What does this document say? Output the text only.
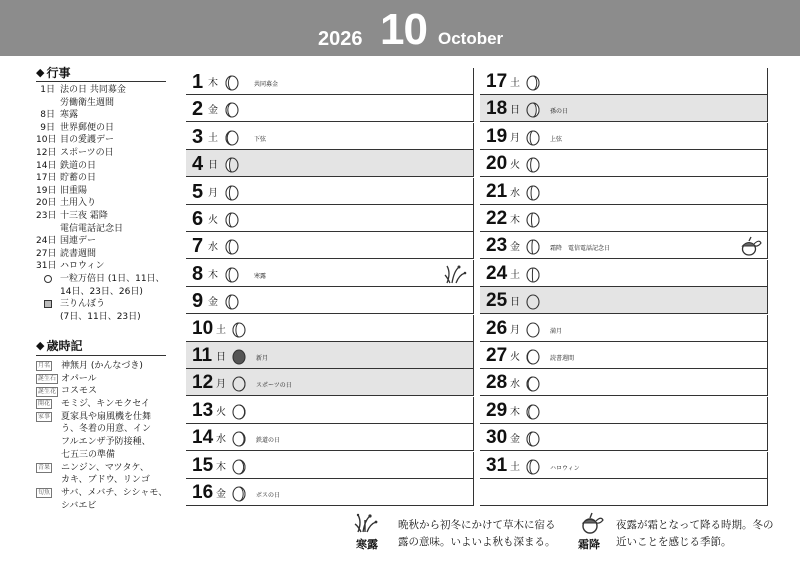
2026 10 October
◆ 行事
1日 法の日 共同募金
労働衛生週間
8日 寒露
9日 世界郵便の日
10日 目の愛護デー
12日 スポーツの日
14日 鉄道の日
17日 貯蓄の日
19日 旧重陽
20日 土用入り
23日 十三夜 霜降
電信電話記念日
24日 国連デー
27日 読書週間
31日 ハロウィン
一粒万倍日 (1日、11日、
14日、23日、26日)
三りんぼう
(7日、11日、23日)
◆ 歳時記
月名	神無月 (かんなづき)
誕生石 オパール
誕生花 コスモス
開花	モミジ、キンモクセイ
家事	夏家具や扇風機を仕舞
う、冬着の用意、イン
フルエンザ予防接種、
七五三の準備
青果	ニンジン、マツタケ、
カキ、ブドウ、リンゴ
旬魚	サバ、メバチ、シシャモ、
シバエビ
1 木	共同募金
2 金
3 土	下弦
4 日
5 月
6 火
7 水
8 木	寒露
9 金
10 土
11 日	新月
12 月	スポーツの日
13 火
14 水	鉄道の日
15 木
16 金	ボスの日
17 土
18 日	孫の日
19 月	上弦
20 火
21 水
22 木
23 金	霜降　電信電話記念日
24 土
25 日
26 月	満月
27 火	読書週間
28 水
29 木
30 金
31 土	ハロウィン
寒露
晩秋から初冬にかけて草木に宿る
露の意味。いよいよ秋も深まる。 霜降
夜露が霜となって降る時期。冬の
近いことを感じる季節。
